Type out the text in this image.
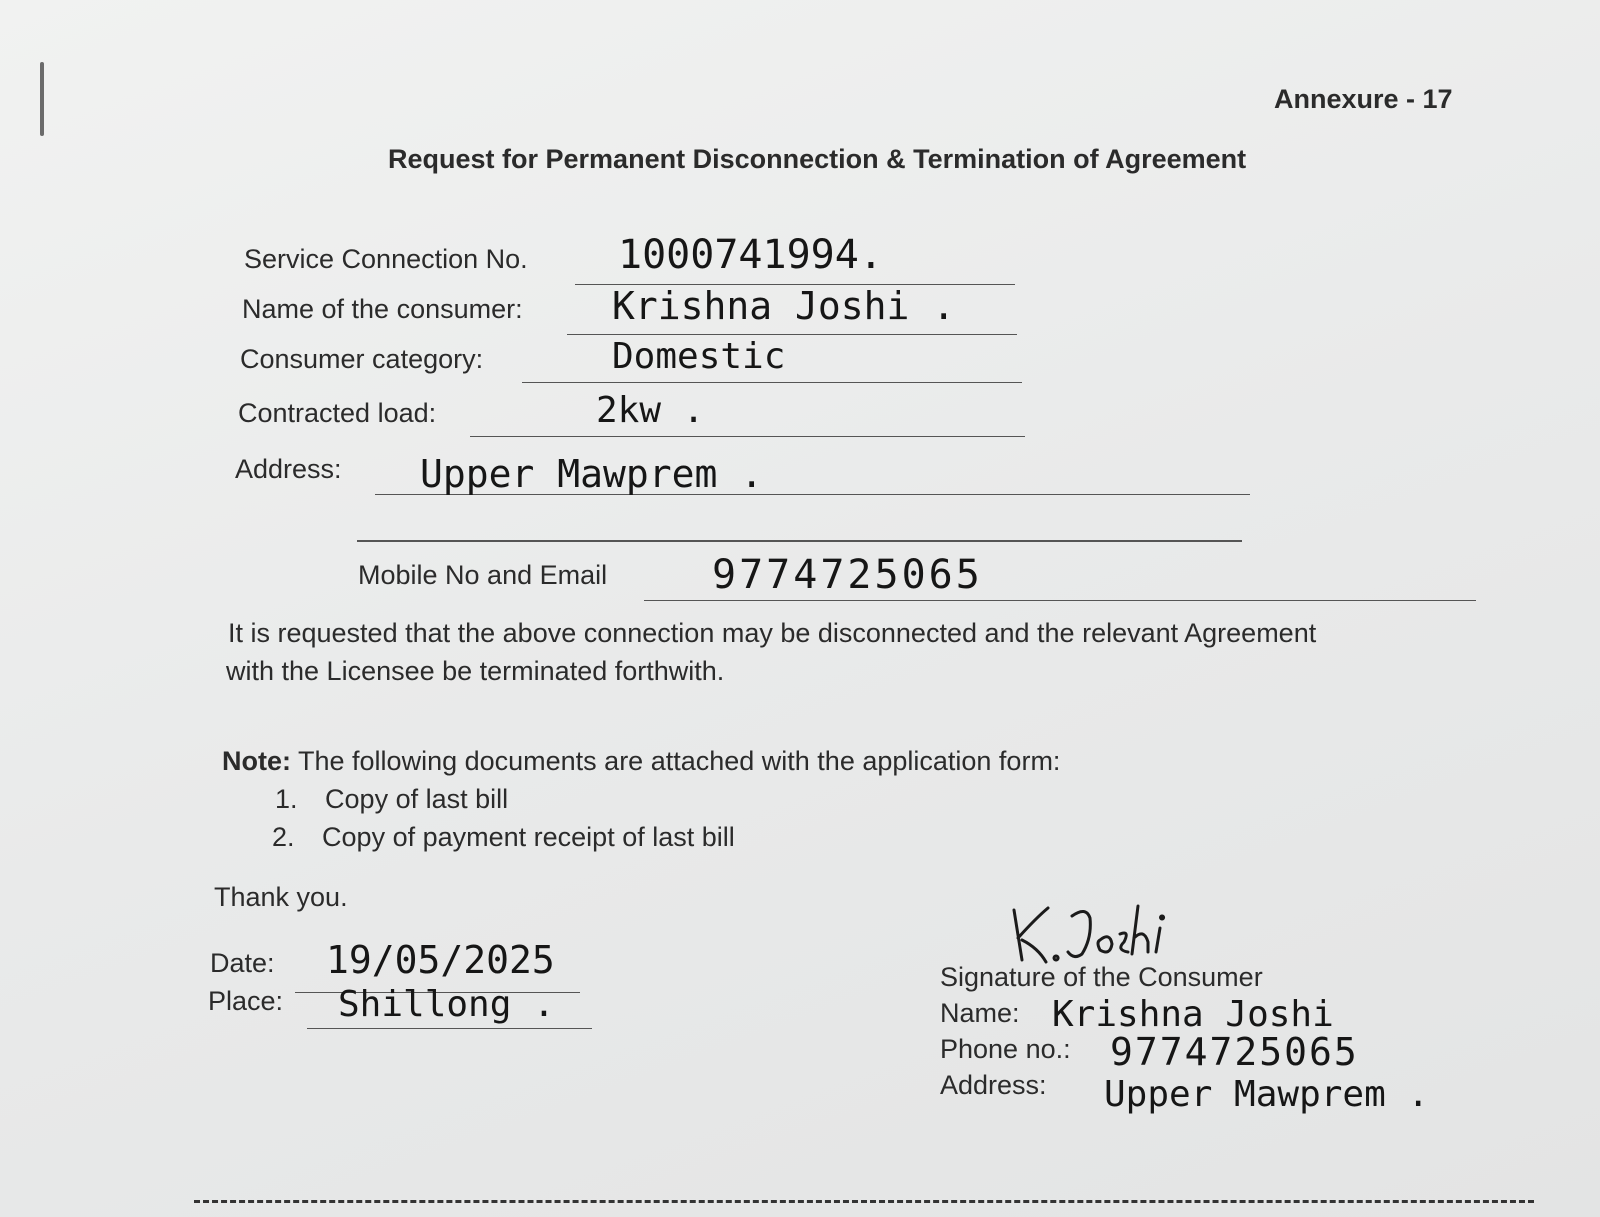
Annexure - 17
Request for Permanent Disconnection & Termination of Agreement
Service Connection No. 1000741994.
Name of the consumer: Krishna Joshi .
Consumer category:	Domestic
Contracted load:	2kw .
Address: Upper Mawprem .
Mobile No and Email	9774725065
It is requested that the above connection may be disconnected and the relevant Agreement
with the Licensee be terminated forthwith.
Note: The following documents are attached with the application form:
1. Copy of last bill
2. Copy of payment receipt of last bill
Thank you.
Date: 19/05/2025
Place: Shillong .
Signature of the Consumer
Name: Krishna Joshi
Phone no.: 9774725065
Address: Upper Mawprem .
